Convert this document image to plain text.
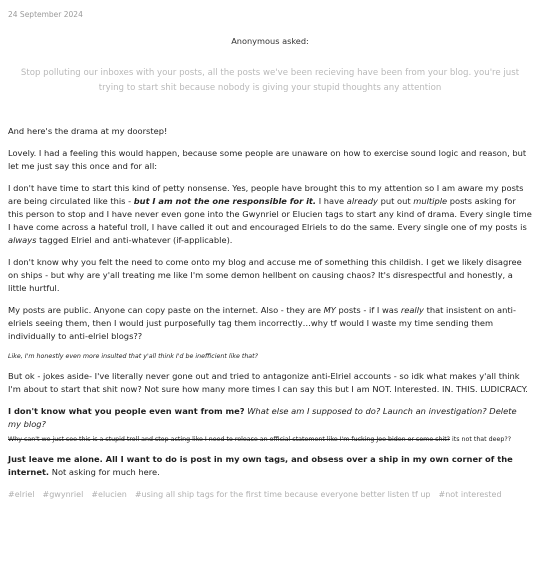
24 September 2024
Anonymous asked:
Stop polluting our inboxes with your posts, all the posts we've been recieving have been from your blog. you're just trying to start shit because nobody is giving your stupid thoughts any attention

And here's the drama at my doorstep!

Lovely. I had a feeling this would happen, because some people are unaware on how to exercise sound logic and reason, but let me just say this once and for all:

I don't have time to start this kind of petty nonsense. Yes, people have brought this to my attention so I am aware my posts are being circulated like this - but I am not the one responsible for it. I have already put out multiple posts asking for this person to stop and I have never even gone into the Gwynriel or Elucien tags to start any kind of drama. Every single time I have come across a hateful troll, I have called it out and encouraged Elriels to do the same. Every single one of my posts is always tagged Elriel and anti-whatever (if-applicable).

I don't know why you felt the need to come onto my blog and accuse me of something this childish. I get we likely disagree on ships - but why are y'all treating me like I'm some demon hellbent on causing chaos? It's disrespectful and honestly, a little hurtful.

My posts are public. Anyone can copy paste on the internet. Also - they are MY posts - if I was really that insistent on anti-elriels seeing them, then I would just purposefully tag them incorrectly…why tf would I waste my time sending them individually to anti-elriel blogs??

Like, I'm honestly even more insulted that y'all think I'd be inefficient like that?

But ok - jokes aside- I've literally never gone out and tried to antagonize anti-Elriel accounts - so idk what makes y'all think I'm about to start that shit now? Not sure how many more times I can say this but I am NOT. Interested. IN. THIS. LUDICRACY.

I don't know what you people even want from me? What else am I supposed to do? Launch an investigation? Delete my blog?

Why can't we just see this is a stupid troll and stop acting like I need to release an official statement like I'm fucking Joe biden or some shit? its not that deep??

Just leave me alone. All I want to do is post in my own tags, and obsess over a ship in my own corner of the internet. Not asking for much here.

#elriel #gwynriel #elucien #using all ship tags for the first time because everyone better listen tf up #not interested
